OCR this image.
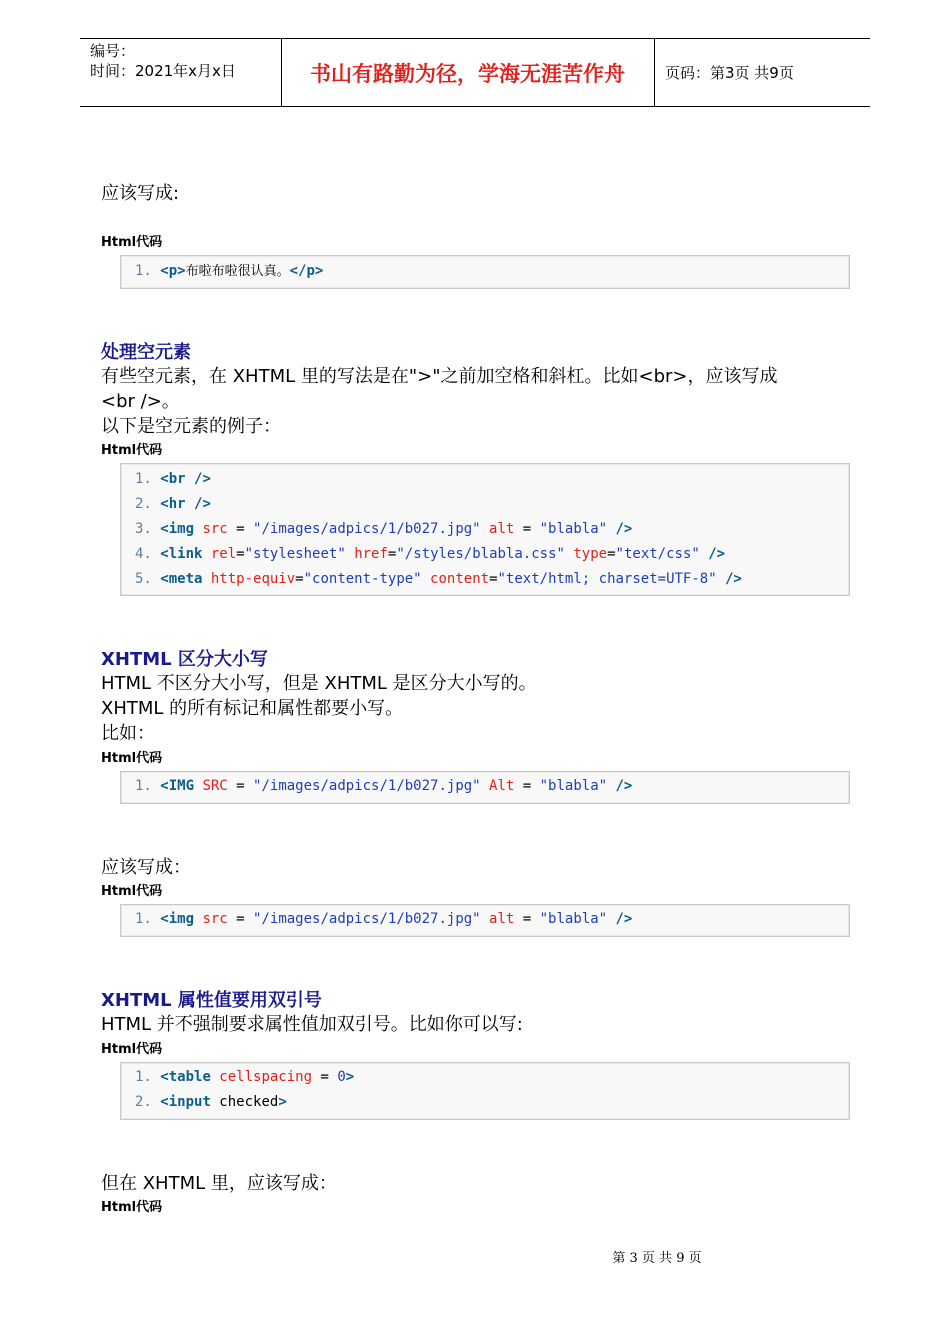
编号：
时间：2021年x月x日	书山有路勤为径，学海无涯苦作舟	页码：第3页 共9页
应该写成:
Html代码
1. <p>布啦布啦很认真。</p>
处理空元素
有些空元素，在 XHTML 里的写法是在">"之前加空格和斜杠。比如<br>，应该写成
<br />。
以下是空元素的例子：
Html代码
1. <br />
2. <hr />
3. <img src = "/images/adpics/1/b027.jpg" alt = "blabla" />
4. <link rel="stylesheet" href="/styles/blabla.css" type="text/css" />
5. <meta http-equiv="content-type" content="text/html; charset=UTF-8" />
XHTML 区分大小写
HTML 不区分大小写，但是 XHTML 是区分大小写的。
XHTML 的所有标记和属性都要小写。
比如：
Html代码
1. <IMG SRC = "/images/adpics/1/b027.jpg" Alt = "blabla" />
应该写成：
Html代码
1. <img src = "/images/adpics/1/b027.jpg" alt = "blabla" />
XHTML 属性值要用双引号
HTML 并不强制要求属性值加双引号。比如你可以写:
Html代码
1. <table cellspacing = 0>
2. <input checked>
但在 XHTML 里，应该写成：
Html代码
第 3 页 共 9 页
